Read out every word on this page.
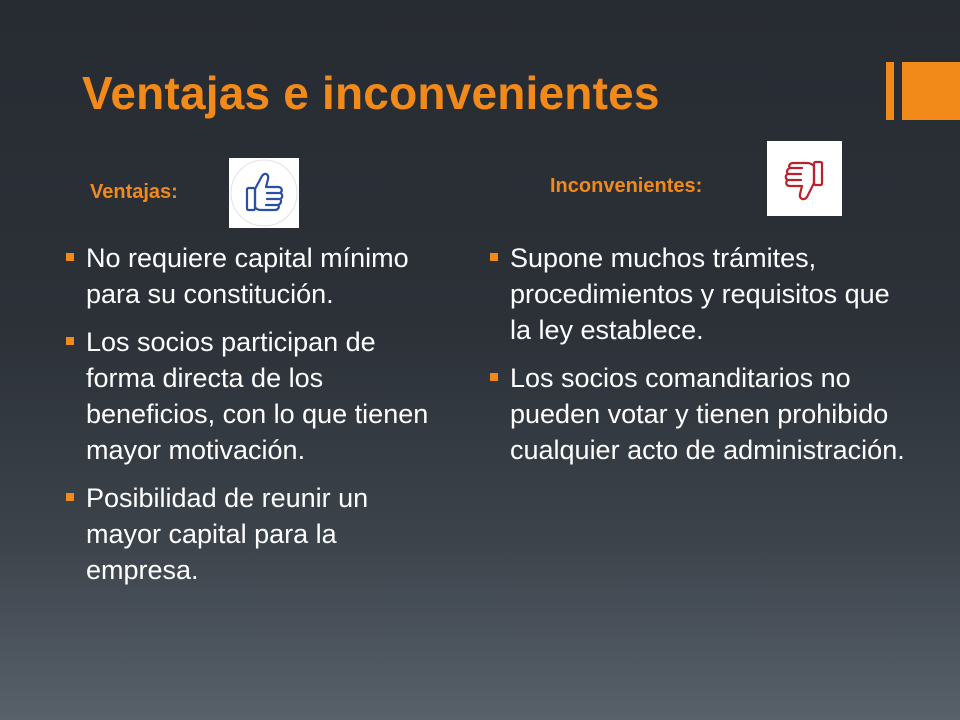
Ventajas e inconvenientes
Ventajas:
No requiere capital mínimo para su constitución.
Los socios participan de forma directa de los beneficios, con lo que tienen mayor motivación.
Posibilidad de reunir un mayor capital para la empresa.
Inconvenientes:
Supone muchos trámites, procedimientos y requisitos que la ley establece.
Los socios comanditarios no pueden votar y tienen prohibido cualquier acto de administración.
